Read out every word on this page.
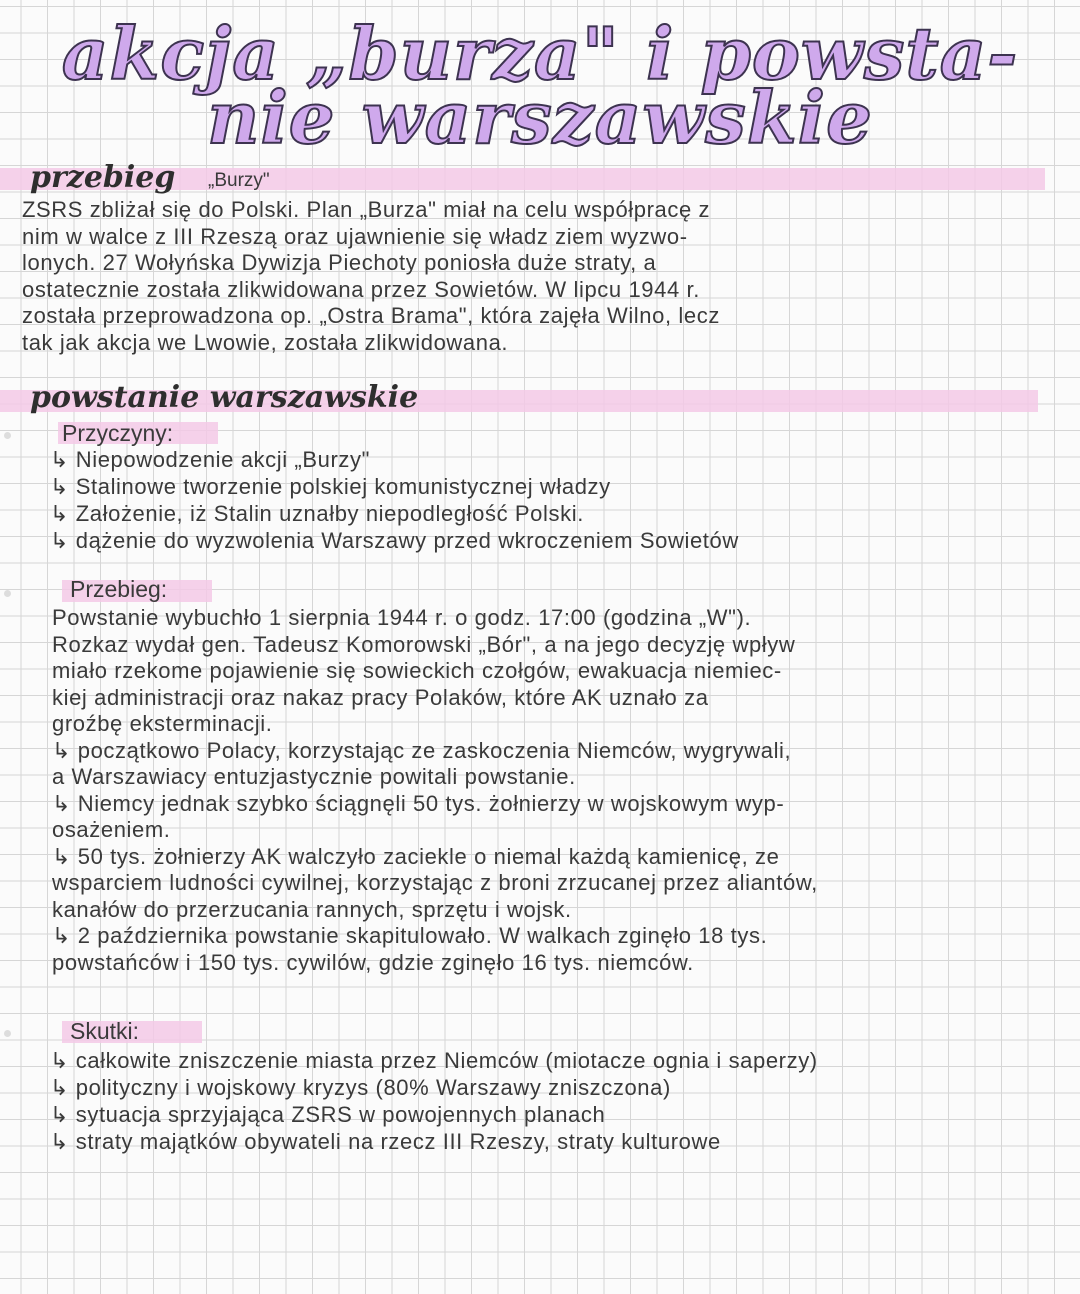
akcja „burza" i powsta-
nie warszawskie
przebieg „Burzy"
ZSRS zbliżał się do Polski. Plan „Burza" miał na celu współpracę z
nim w walce z III Rzeszą oraz ujawnienie się władz ziem wyzwo-
lonych. 27 Wołyńska Dywizja Piechoty poniosła duże straty, a
ostatecznie została zlikwidowana przez Sowietów. W lipcu 1944 r.
została przeprowadzona op. „Ostra Brama", która zajęła Wilno, lecz
tak jak akcja we Lwowie, została zlikwidowana.
powstanie warszawskie
Przyczyny:
↳ Niepowodzenie akcji „Burzy"
↳ Stalinowe tworzenie polskiej komunistycznej władzy
↳ Założenie, iż Stalin uznałby niepodległość Polski.
↳ dążenie do wyzwolenia Warszawy przed wkroczeniem Sowietów
Przebieg:
Powstanie wybuchło 1 sierpnia 1944 r. o godz. 17:00 (godzina „W").
Rozkaz wydał gen. Tadeusz Komorowski „Bór", a na jego decyzję wpływ
miało rzekome pojawienie się sowieckich czołgów, ewakuacja niemiec-
kiej administracji oraz nakaz pracy Polaków, które AK uznało za
groźbę eksterminacji.
↳ początkowo Polacy, korzystając ze zaskoczenia Niemców, wygrywali,
a Warszawiacy entuzjastycznie powitali powstanie.
↳ Niemcy jednak szybko ściągnęli 50 tys. żołnierzy w wojskowym wyp-
osażeniem.
↳ 50 tys. żołnierzy AK walczyło zaciekle o niemal każdą kamienicę, ze
wsparciem ludności cywilnej, korzystając z broni zrzucanej przez aliantów,
kanałów do przerzucania rannych, sprzętu i wojsk.
↳ 2 października powstanie skapitulowało. W walkach zginęło 18 tys.
powstańców i 150 tys. cywilów, gdzie zginęło 16 tys. niemców.
Skutki:
↳ całkowite zniszczenie miasta przez Niemców (miotacze ognia i saperzy)
↳ polityczny i wojskowy kryzys (80% Warszawy zniszczona)
↳ sytuacja sprzyjająca ZSRS w powojennych planach
↳ straty majątków obywateli na rzecz III Rzeszy, straty kulturowe
